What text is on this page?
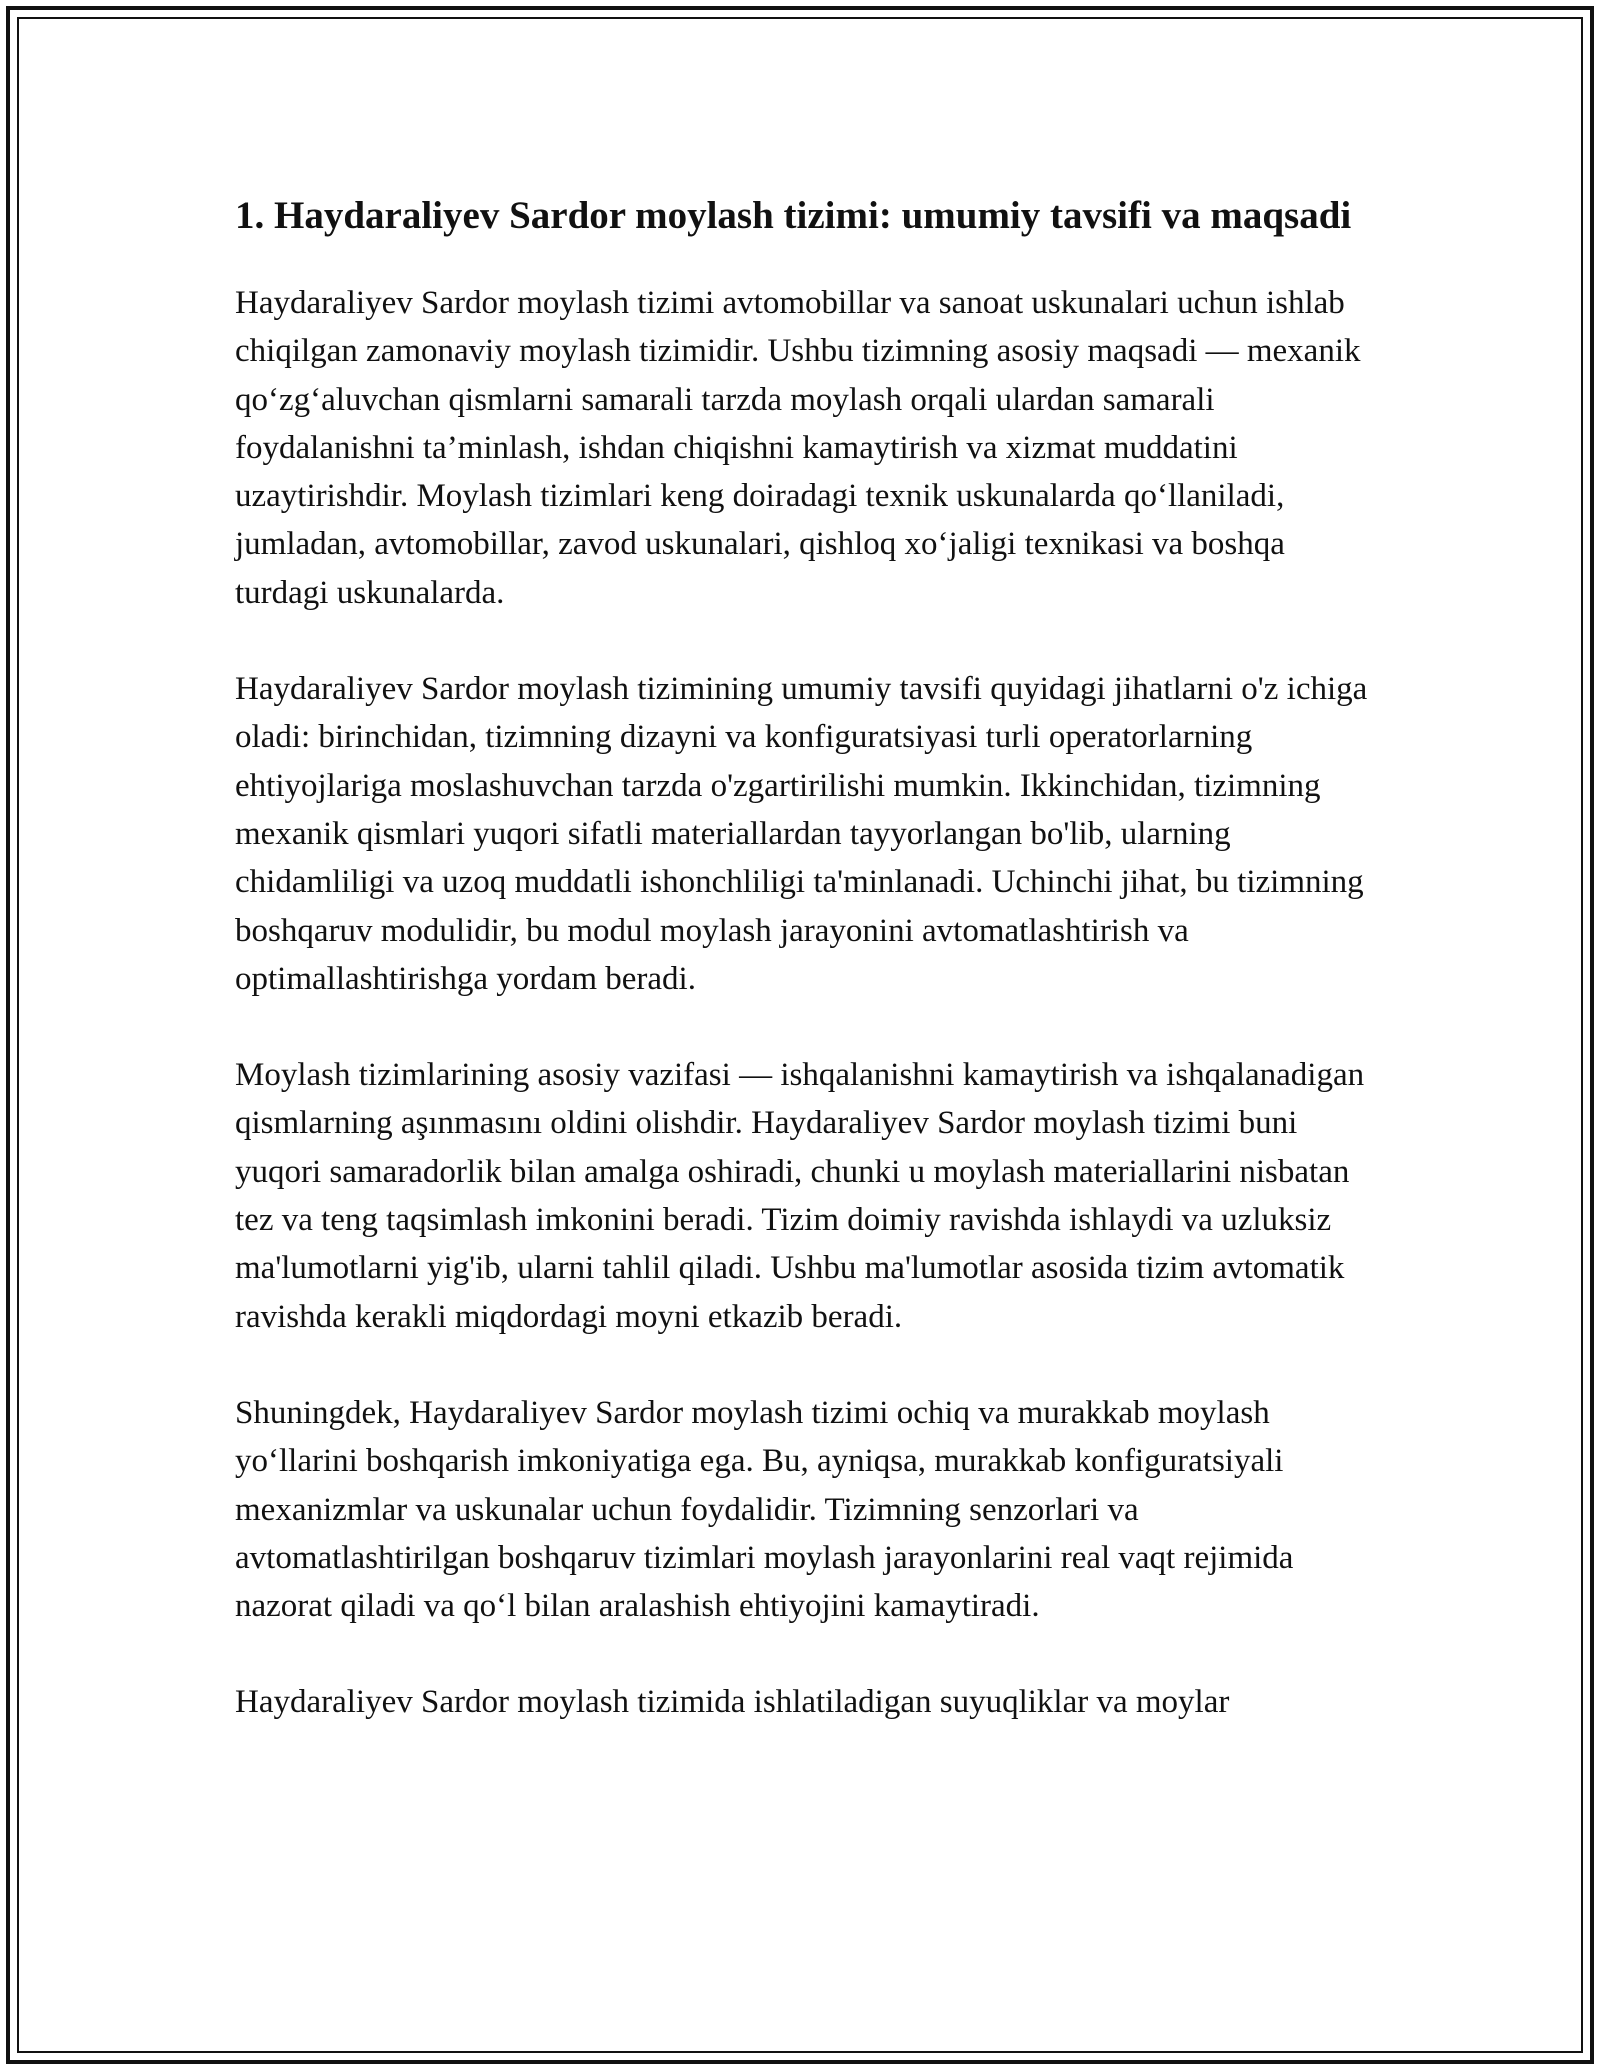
1. Haydaraliyev Sardor moylash tizimi: umumiy tavsifi va maqsadi

Haydaraliyev Sardor moylash tizimi avtomobillar va sanoat uskunalari uchun ishlab chiqilgan zamonaviy moylash tizimidir. Ushbu tizimning asosiy maqsadi — mexanik qo‘zg‘aluvchan qismlarni samarali tarzda moylash orqali ulardan samarali foydalanishni ta’minlash, ishdan chiqishni kamaytirish va xizmat muddatini uzaytirishdir. Moylash tizimlari keng doiradagi texnik uskunalarda qo‘llaniladi, jumladan, avtomobillar, zavod uskunalari, qishloq xo‘jaligi texnikasi va boshqa turdagi uskunalarda.

Haydaraliyev Sardor moylash tizimining umumiy tavsifi quyidagi jihatlarni o'z ichiga oladi: birinchidan, tizimning dizayni va konfiguratsiyasi turli operatorlarning ehtiyojlariga moslashuvchan tarzda o'zgartirilishi mumkin. Ikkinchidan, tizimning mexanik qismlari yuqori sifatli materiallardan tayyorlangan bo'lib, ularning chidamliligi va uzoq muddatli ishonchliligi ta'minlanadi. Uchinchi jihat, bu tizimning boshqaruv modulidir, bu modul moylash jarayonini avtomatlashtirish va optimallashtirishga yordam beradi.

Moylash tizimlarining asosiy vazifasi — ishqalanishni kamaytirish va ishqalanadigan qismlarning aşınmasını oldini olishdir. Haydaraliyev Sardor moylash tizimi buni yuqori samaradorlik bilan amalga oshiradi, chunki u moylash materiallarini nisbatan tez va teng taqsimlash imkonini beradi. Tizim doimiy ravishda ishlaydi va uzluksiz ma'lumotlarni yig'ib, ularni tahlil qiladi. Ushbu ma'lumotlar asosida tizim avtomatik ravishda kerakli miqdordagi moyni etkazib beradi.

Shuningdek, Haydaraliyev Sardor moylash tizimi ochiq va murakkab moylash yo‘llarini boshqarish imkoniyatiga ega. Bu, ayniqsa, murakkab konfiguratsiyali mexanizmlar va uskunalar uchun foydalidir. Tizimning senzorlari va avtomatlashtirilgan boshqaruv tizimlari moylash jarayonlarini real vaqt rejimida nazorat qiladi va qo‘l bilan aralashish ehtiyojini kamaytiradi.

Haydaraliyev Sardor moylash tizimida ishlatiladigan suyuqliklar va moylar
